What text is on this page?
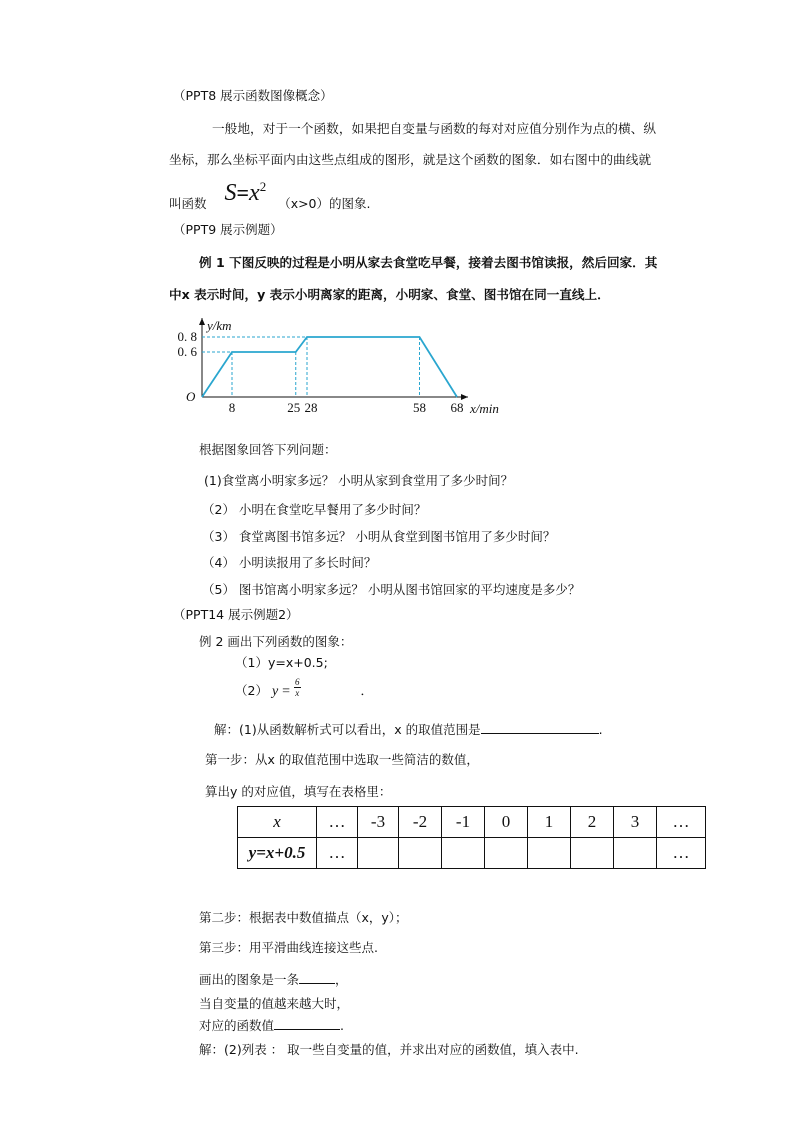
（PPT8 展示函数图像概念）
一般地，对于一个函数，如果把自变量与函数的每对对应值分别作为点的横、纵
坐标，那么坐标平面内由这些点组成的图形，就是这个函数的图象．如右图中的曲线就
叫函数 $S=x^2$ （x>0）的图象.
（PPT9 展示例题）
例 1 下图反映的过程是小明从家去食堂吃早餐，接着去图书馆读报，然后回家．其
中x 表示时间，y 表示小明离家的距离，小明家、食堂、图书馆在同一直线上．
8	25 28	58 68
0. 6
0. 8
O
y/km
x/min
根据图象回答下列问题：
(1)食堂离小明家多远？ 小明从家到食堂用了多少时间？
（2） 小明在食堂吃早餐用了多少时间？
（3） 食堂离图书馆多远？ 小明从食堂到图书馆用了多少时间？
（4） 小明读报用了多长时间？
（5） 图书馆离小明家多远？ 小明从图书馆回家的平均速度是多少？
（PPT14 展示例题2）
例 2 画出下列函数的图象：
（1）y=x+0.5;
（2） $y = \frac{6}{x}$	．
解：(1)从函数解析式可以看出，x 的取值范围是	.
第一步：从x 的取值范围中选取一些简洁的数值，
算出y 的对应值，填写在表格里：
x	…	-3	-2	-1	0	1	2	3	…
y=x+0.5	…								…
第二步：根据表中数值描点（x，y）；
第三步：用平滑曲线连接这些点.
画出的图象是一条	，
当自变量的值越来越大时，
对应的函数值	.
解：(2)列表 ： 取一些自变量的值，并求出对应的函数值，填入表中.
